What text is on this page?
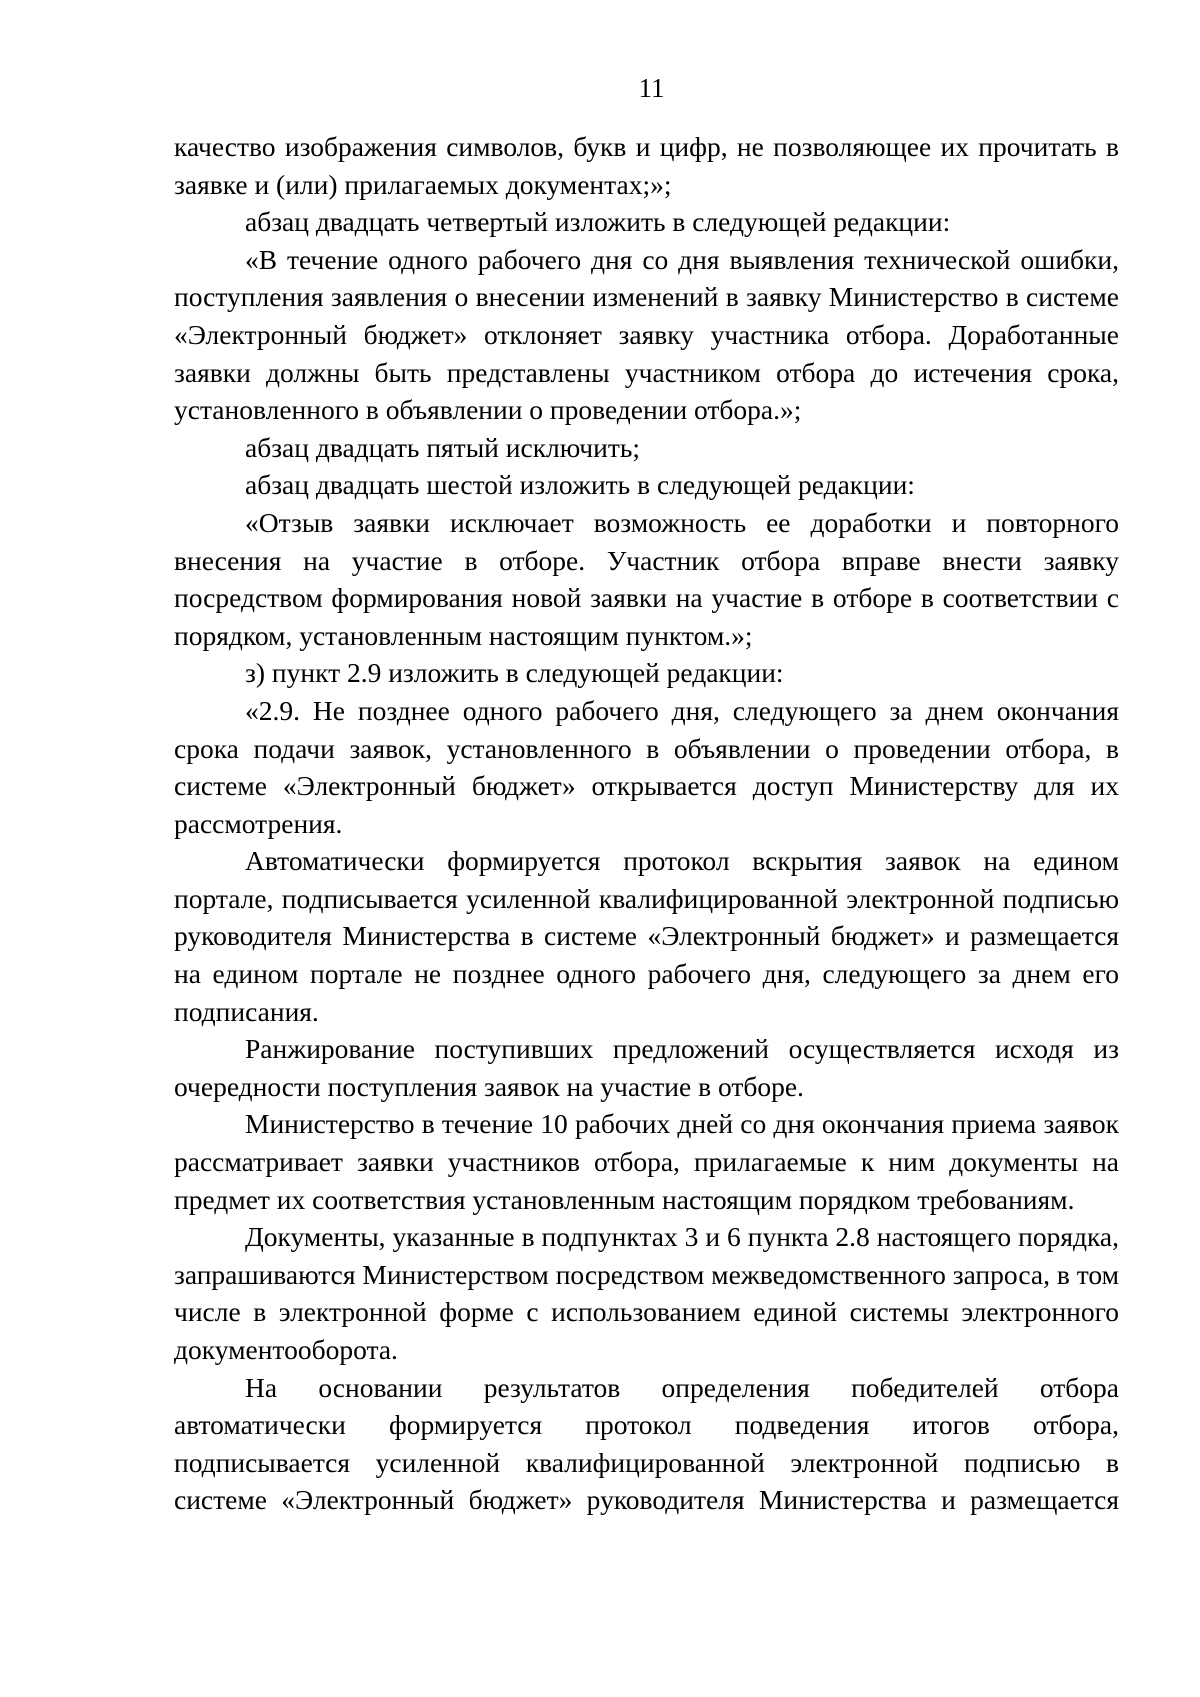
11

качество изображения символов, букв и цифр, не позволяющее их прочитать в заявке и (или) прилагаемых документах;»;

абзац двадцать четвертый изложить в следующей редакции:

«В течение одного рабочего дня со дня выявления технической ошибки, поступления заявления о внесении изменений в заявку Министерство в системе «Электронный бюджет» отклоняет заявку участника отбора. Доработанные заявки должны быть представлены участником отбора до истечения срока, установленного в объявлении о проведении отбора.»;

абзац двадцать пятый исключить;

абзац двадцать шестой изложить в следующей редакции:

«Отзыв заявки исключает возможность ее доработки и повторного внесения на участие в отборе. Участник отбора вправе внести заявку посредством формирования новой заявки на участие в отборе в соответствии с порядком, установленным настоящим пунктом.»;

з) пункт 2.9 изложить в следующей редакции:

«2.9. Не позднее одного рабочего дня, следующего за днем окончания срока подачи заявок, установленного в объявлении о проведении отбора, в системе «Электронный бюджет» открывается доступ Министерству для их рассмотрения.

Автоматически формируется протокол вскрытия заявок на едином портале, подписывается усиленной квалифицированной электронной подписью руководителя Министерства в системе «Электронный бюджет» и размещается на едином портале не позднее одного рабочего дня, следующего за днем его подписания.

Ранжирование поступивших предложений осуществляется исходя из очередности поступления заявок на участие в отборе.

Министерство в течение 10 рабочих дней со дня окончания приема заявок рассматривает заявки участников отбора, прилагаемые к ним документы на предмет их соответствия установленным настоящим порядком требованиям.

Документы, указанные в подпунктах 3 и 6 пункта 2.8 настоящего порядка, запрашиваются Министерством посредством межведомственного запроса, в том числе в электронной форме с использованием единой системы электронного документооборота.

На основании результатов определения победителей отбора автоматически формируется протокол подведения итогов отбора, подписывается усиленной квалифицированной электронной подписью в системе «Электронный бюджет» руководителя Министерства и размещается
